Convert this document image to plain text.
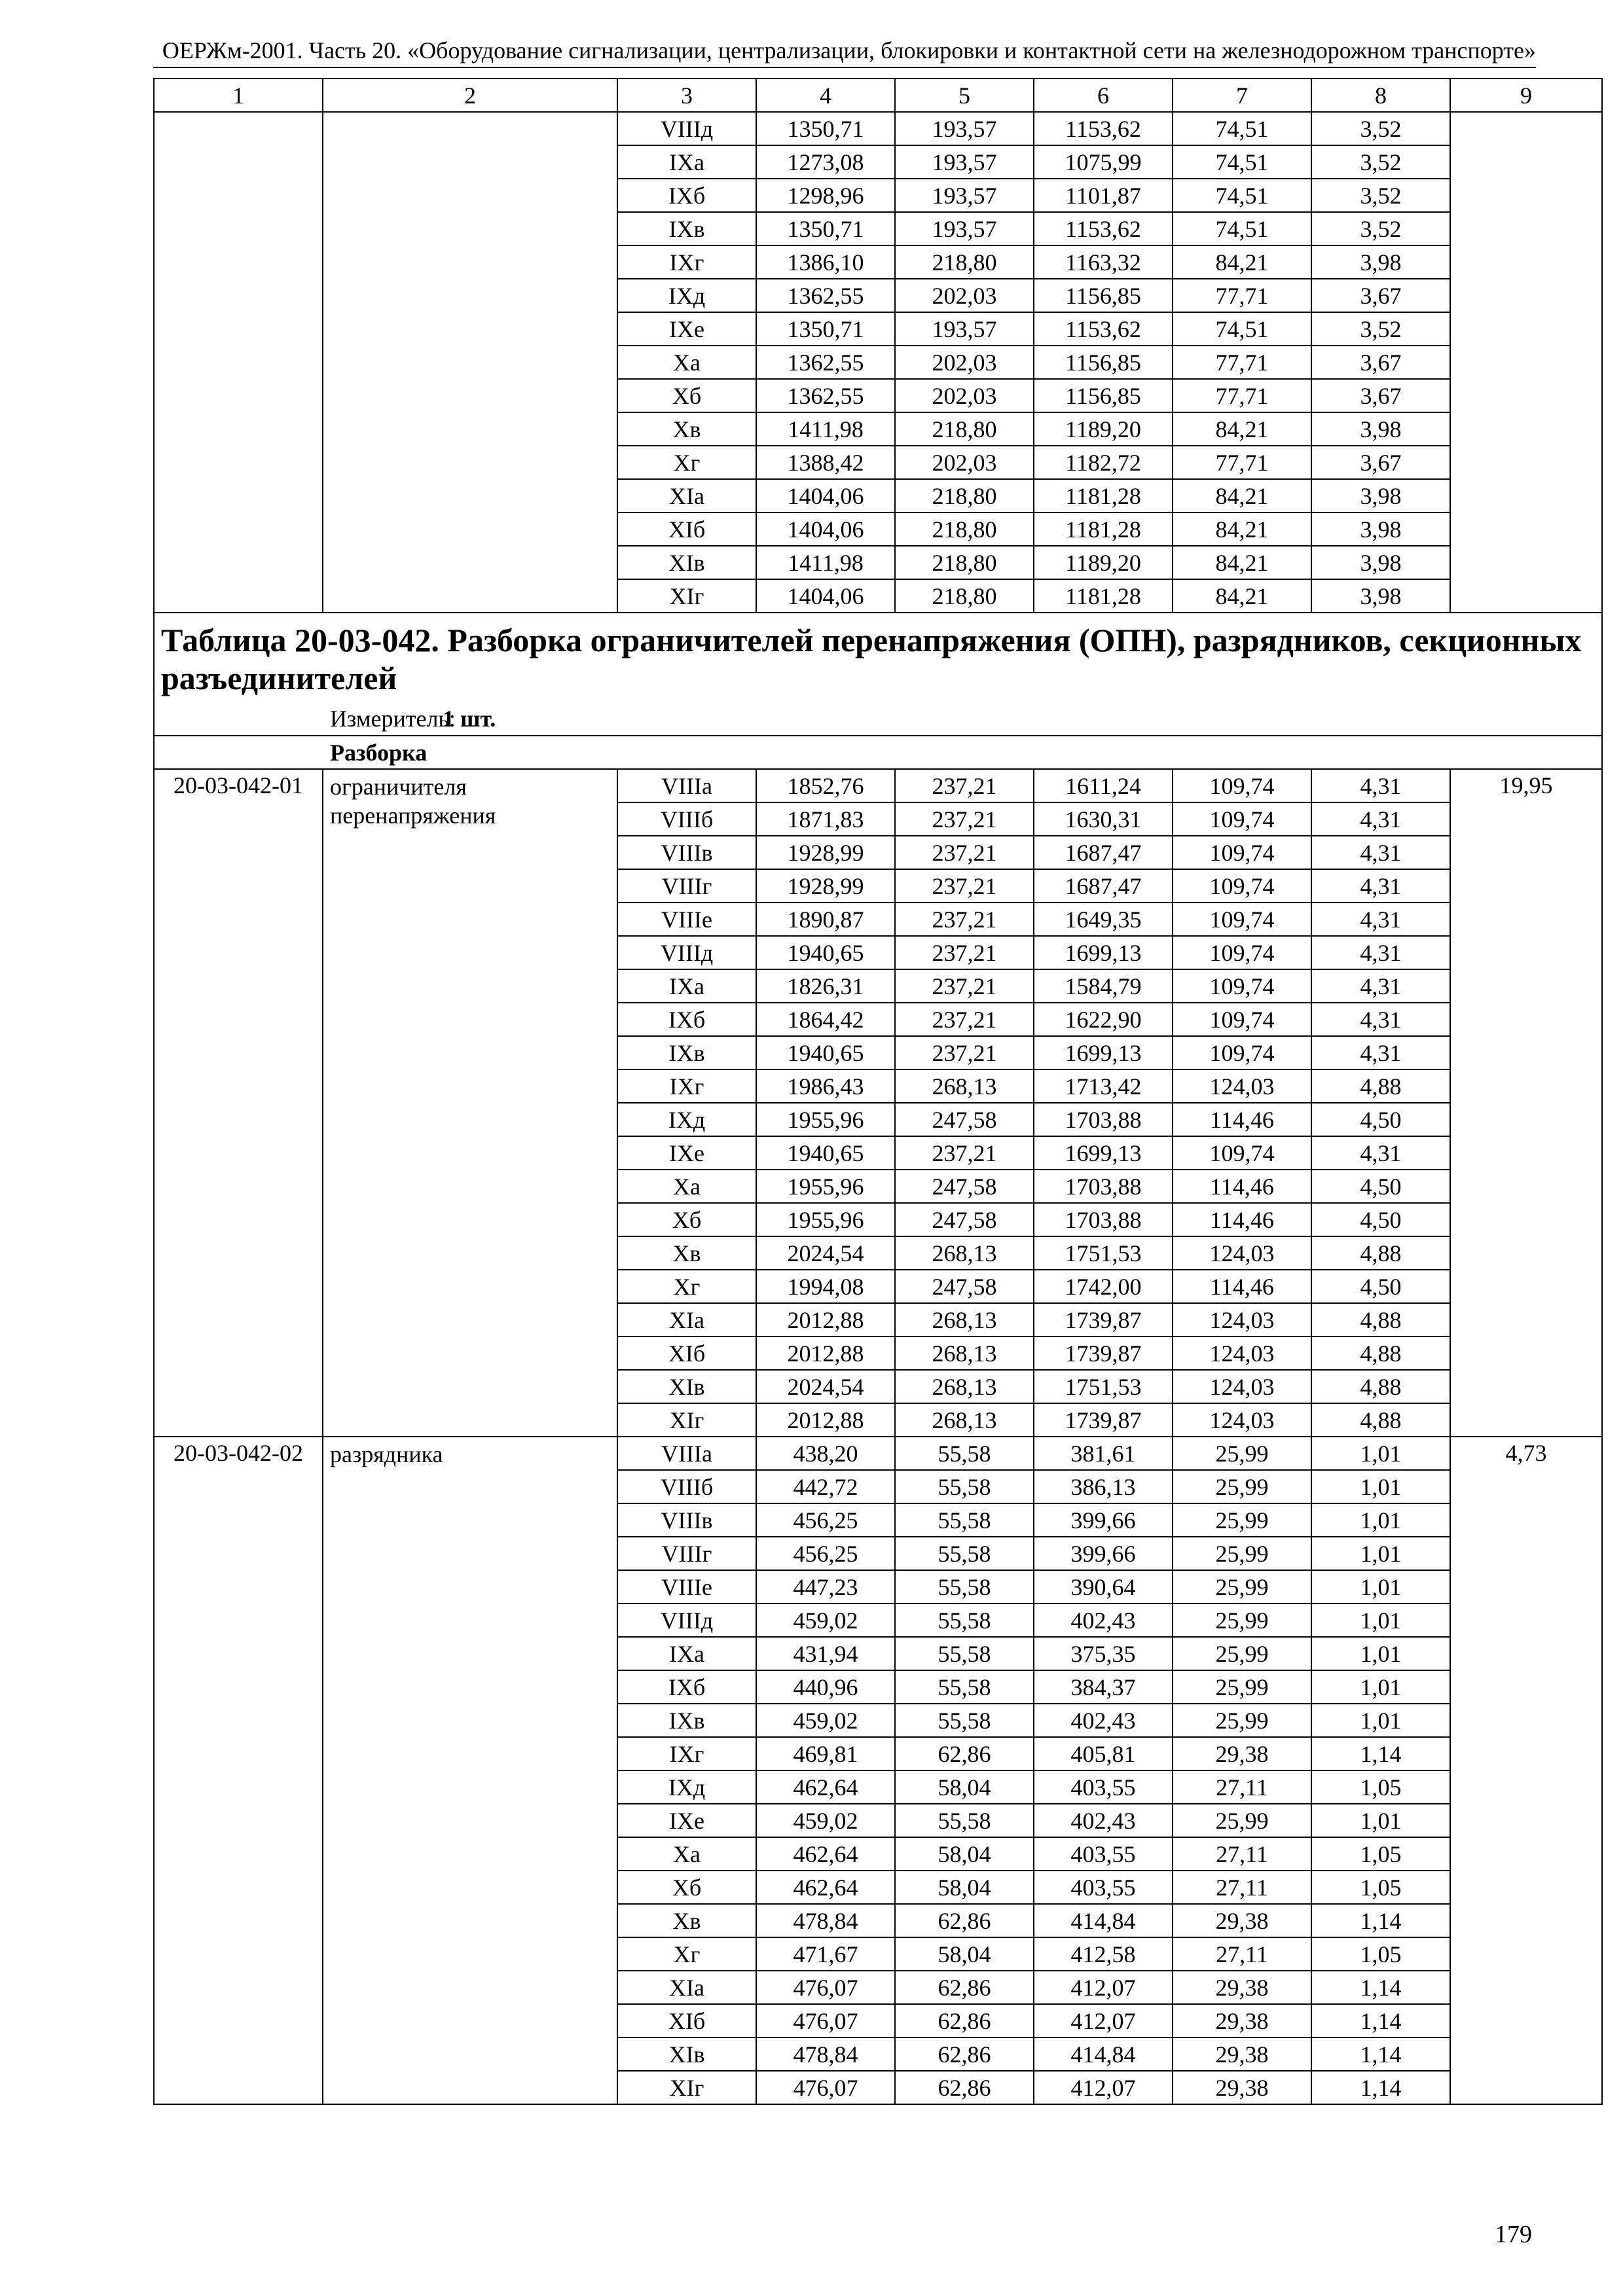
ОЕРЖм-2001. Часть 20. «Оборудование сигнализации, централизации, блокировки и контактной сети на железнодорожном транспорте»
1	2	3	4	5	6	7	8	9
		VIIIд	1350,71	193,57	1153,62	74,51	3,52	
		IXа	1273,08	193,57	1075,99	74,51	3,52	
		IXб	1298,96	193,57	1101,87	74,51	3,52	
		IXв	1350,71	193,57	1153,62	74,51	3,52	
		IXг	1386,10	218,80	1163,32	84,21	3,98	
		IXд	1362,55	202,03	1156,85	77,71	3,67	
		IXе	1350,71	193,57	1153,62	74,51	3,52	
		Xа	1362,55	202,03	1156,85	77,71	3,67	
		Xб	1362,55	202,03	1156,85	77,71	3,67	
		Xв	1411,98	218,80	1189,20	84,21	3,98	
		Xг	1388,42	202,03	1182,72	77,71	3,67	
		XIа	1404,06	218,80	1181,28	84,21	3,98	
		XIб	1404,06	218,80	1181,28	84,21	3,98	
		XIв	1411,98	218,80	1189,20	84,21	3,98	
		XIг	1404,06	218,80	1181,28	84,21	3,98	

Таблица 20-03-042. Разборка ограничителей перенапряжения (ОПН), разрядников, секционных разъединителей								

Измеритель:1 шт.								
Разборка								
20-03-042-01	ограничителя перенапряжения	VIIIа	1852,76	237,21	1611,24	109,74	4,31	19,95
		VIIIб	1871,83	237,21	1630,31	109,74	4,31	
		VIIIв	1928,99	237,21	1687,47	109,74	4,31	
		VIIIг	1928,99	237,21	1687,47	109,74	4,31	
		VIIIе	1890,87	237,21	1649,35	109,74	4,31	
		VIIIд	1940,65	237,21	1699,13	109,74	4,31	
		IXа	1826,31	237,21	1584,79	109,74	4,31	
		IXб	1864,42	237,21	1622,90	109,74	4,31	
		IXв	1940,65	237,21	1699,13	109,74	4,31	
		IXг	1986,43	268,13	1713,42	124,03	4,88	
		IXд	1955,96	247,58	1703,88	114,46	4,50	
		IXе	1940,65	237,21	1699,13	109,74	4,31	
		Xа	1955,96	247,58	1703,88	114,46	4,50	
		Xб	1955,96	247,58	1703,88	114,46	4,50	
		Xв	2024,54	268,13	1751,53	124,03	4,88	
		Xг	1994,08	247,58	1742,00	114,46	4,50	
		XIа	2012,88	268,13	1739,87	124,03	4,88	
		XIб	2012,88	268,13	1739,87	124,03	4,88	
		XIв	2024,54	268,13	1751,53	124,03	4,88	
		XIг	2012,88	268,13	1739,87	124,03	4,88	
20-03-042-02	разрядника	VIIIа	438,20	55,58	381,61	25,99	1,01	4,73
		VIIIб	442,72	55,58	386,13	25,99	1,01	
		VIIIв	456,25	55,58	399,66	25,99	1,01	
		VIIIг	456,25	55,58	399,66	25,99	1,01	
		VIIIе	447,23	55,58	390,64	25,99	1,01	
		VIIIд	459,02	55,58	402,43	25,99	1,01	
		IXа	431,94	55,58	375,35	25,99	1,01	
		IXб	440,96	55,58	384,37	25,99	1,01	
		IXв	459,02	55,58	402,43	25,99	1,01	
		IXг	469,81	62,86	405,81	29,38	1,14	
		IXд	462,64	58,04	403,55	27,11	1,05	
		IXе	459,02	55,58	402,43	25,99	1,01	
		Xа	462,64	58,04	403,55	27,11	1,05	
		Xб	462,64	58,04	403,55	27,11	1,05	
		Xв	478,84	62,86	414,84	29,38	1,14	
		Xг	471,67	58,04	412,58	27,11	1,05	
		XIа	476,07	62,86	412,07	29,38	1,14	
		XIб	476,07	62,86	412,07	29,38	1,14	
		XIв	478,84	62,86	414,84	29,38	1,14	
		XIг	476,07	62,86	412,07	29,38	1,14	
179
